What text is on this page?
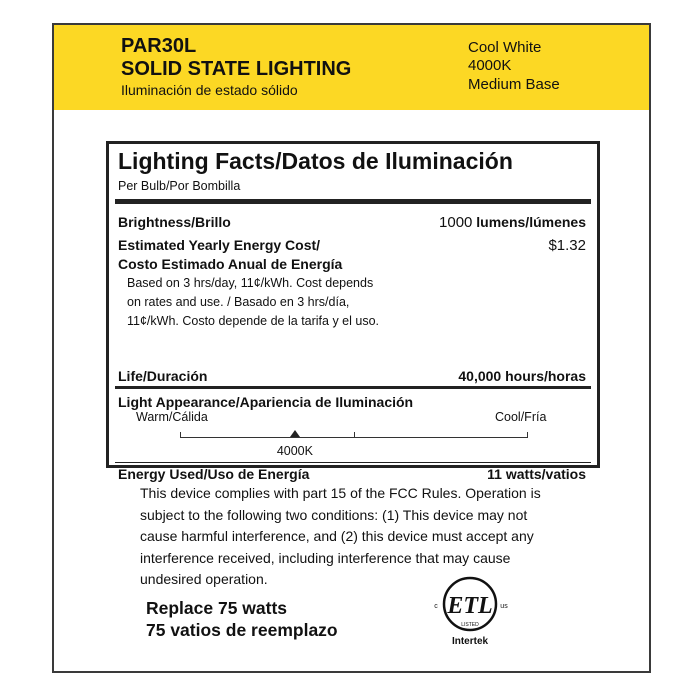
PAR30L
SOLID STATE LIGHTING
Iluminación de estado sólido
Cool White
4000K
Medium Base
Lighting Facts/Datos de Iluminación
Per Bulb/Por Bombilla
Brightness/Brillo	1000 lumens/lúmenes
Estimated Yearly Energy Cost/	$1.32
Costo Estimado Anual de Energía
Based on 3 hrs/day, 11¢/kWh. Cost depends
on rates and use. / Basado en 3 hrs/día,
11¢/kWh. Costo depende de la tarifa y el uso.
Life/Duración	40,000 hours/horas
Light Appearance/Apariencia de Iluminación
Warm/Cálida	Cool/Fría
4000K
Energy Used/Uso de Energía	11 watts/vatios
This device complies with part 15 of the FCC Rules. Operation is
subject to the following two conditions: (1) This device may not
cause harmful interference, and (2) this device must accept any
interference received, including interference that may cause
undesired operation.
Replace 75 watts
75 vatios de reemplazo
ETL
LISTED
c	us
Intertek
